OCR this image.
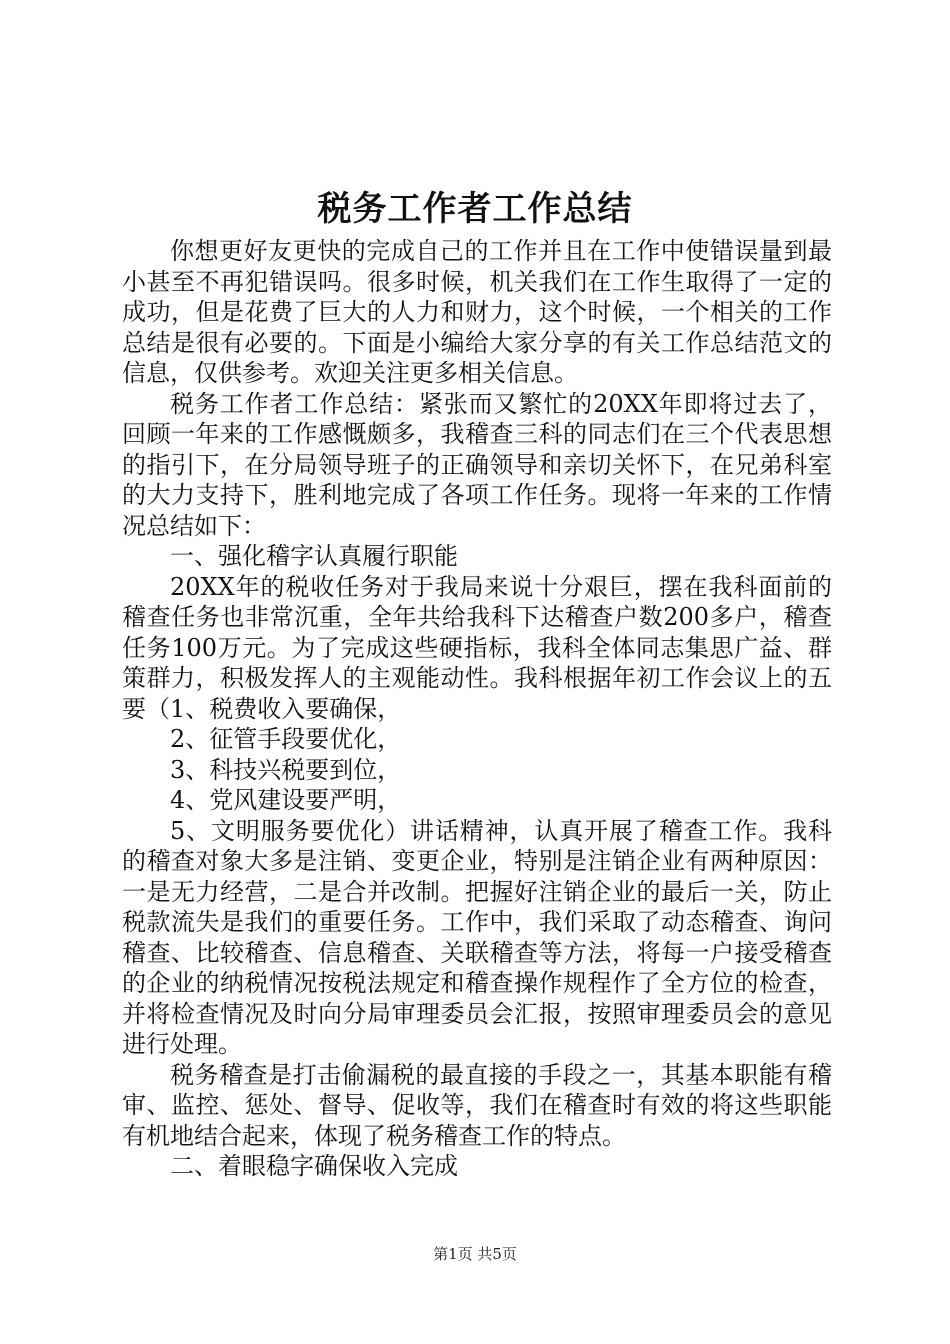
税务工作者工作总结

你想更好友更快的完成自己的工作并且在工作中使错误量到最小甚至不再犯错误吗。很多时候，机关我们在工作生取得了一定的成功，但是花费了巨大的人力和财力，这个时候，一个相关的工作总结是很有必要的。下面是小编给大家分享的有关工作总结范文的信息，仅供参考。欢迎关注更多相关信息。

税务工作者工作总结：紧张而又繁忙的20XX年即将过去了，回顾一年来的工作感慨颇多，我稽查三科的同志们在三个代表思想的指引下，在分局领导班子的正确领导和亲切关怀下，在兄弟科室的大力支持下，胜利地完成了各项工作任务。现将一年来的工作情况总结如下：

一、强化稽字认真履行职能

20XX年的税收任务对于我局来说十分艰巨，摆在我科面前的稽查任务也非常沉重，全年共给我科下达稽查户数200多户，稽查任务100万元。为了完成这些硬指标，我科全体同志集思广益、群策群力，积极发挥人的主观能动性。我科根据年初工作会议上的五要（1、税费收入要确保，

2、征管手段要优化，

3、科技兴税要到位，

4、党风建设要严明，

5、文明服务要优化）讲话精神，认真开展了稽查工作。我科的稽查对象大多是注销、变更企业，特别是注销企业有两种原因：一是无力经营，二是合并改制。把握好注销企业的最后一关，防止税款流失是我们的重要任务。工作中，我们采取了动态稽查、询问稽查、比较稽查、信息稽查、关联稽查等方法，将每一户接受稽查的企业的纳税情况按税法规定和稽查操作规程作了全方位的检查，并将检查情况及时向分局审理委员会汇报，按照审理委员会的意见进行处理。

税务稽查是打击偷漏税的最直接的手段之一，其基本职能有稽审、监控、惩处、督导、促收等，我们在稽查时有效的将这些职能有机地结合起来，体现了税务稽查工作的特点。

二、着眼稳字确保收入完成

第1页 共5页
